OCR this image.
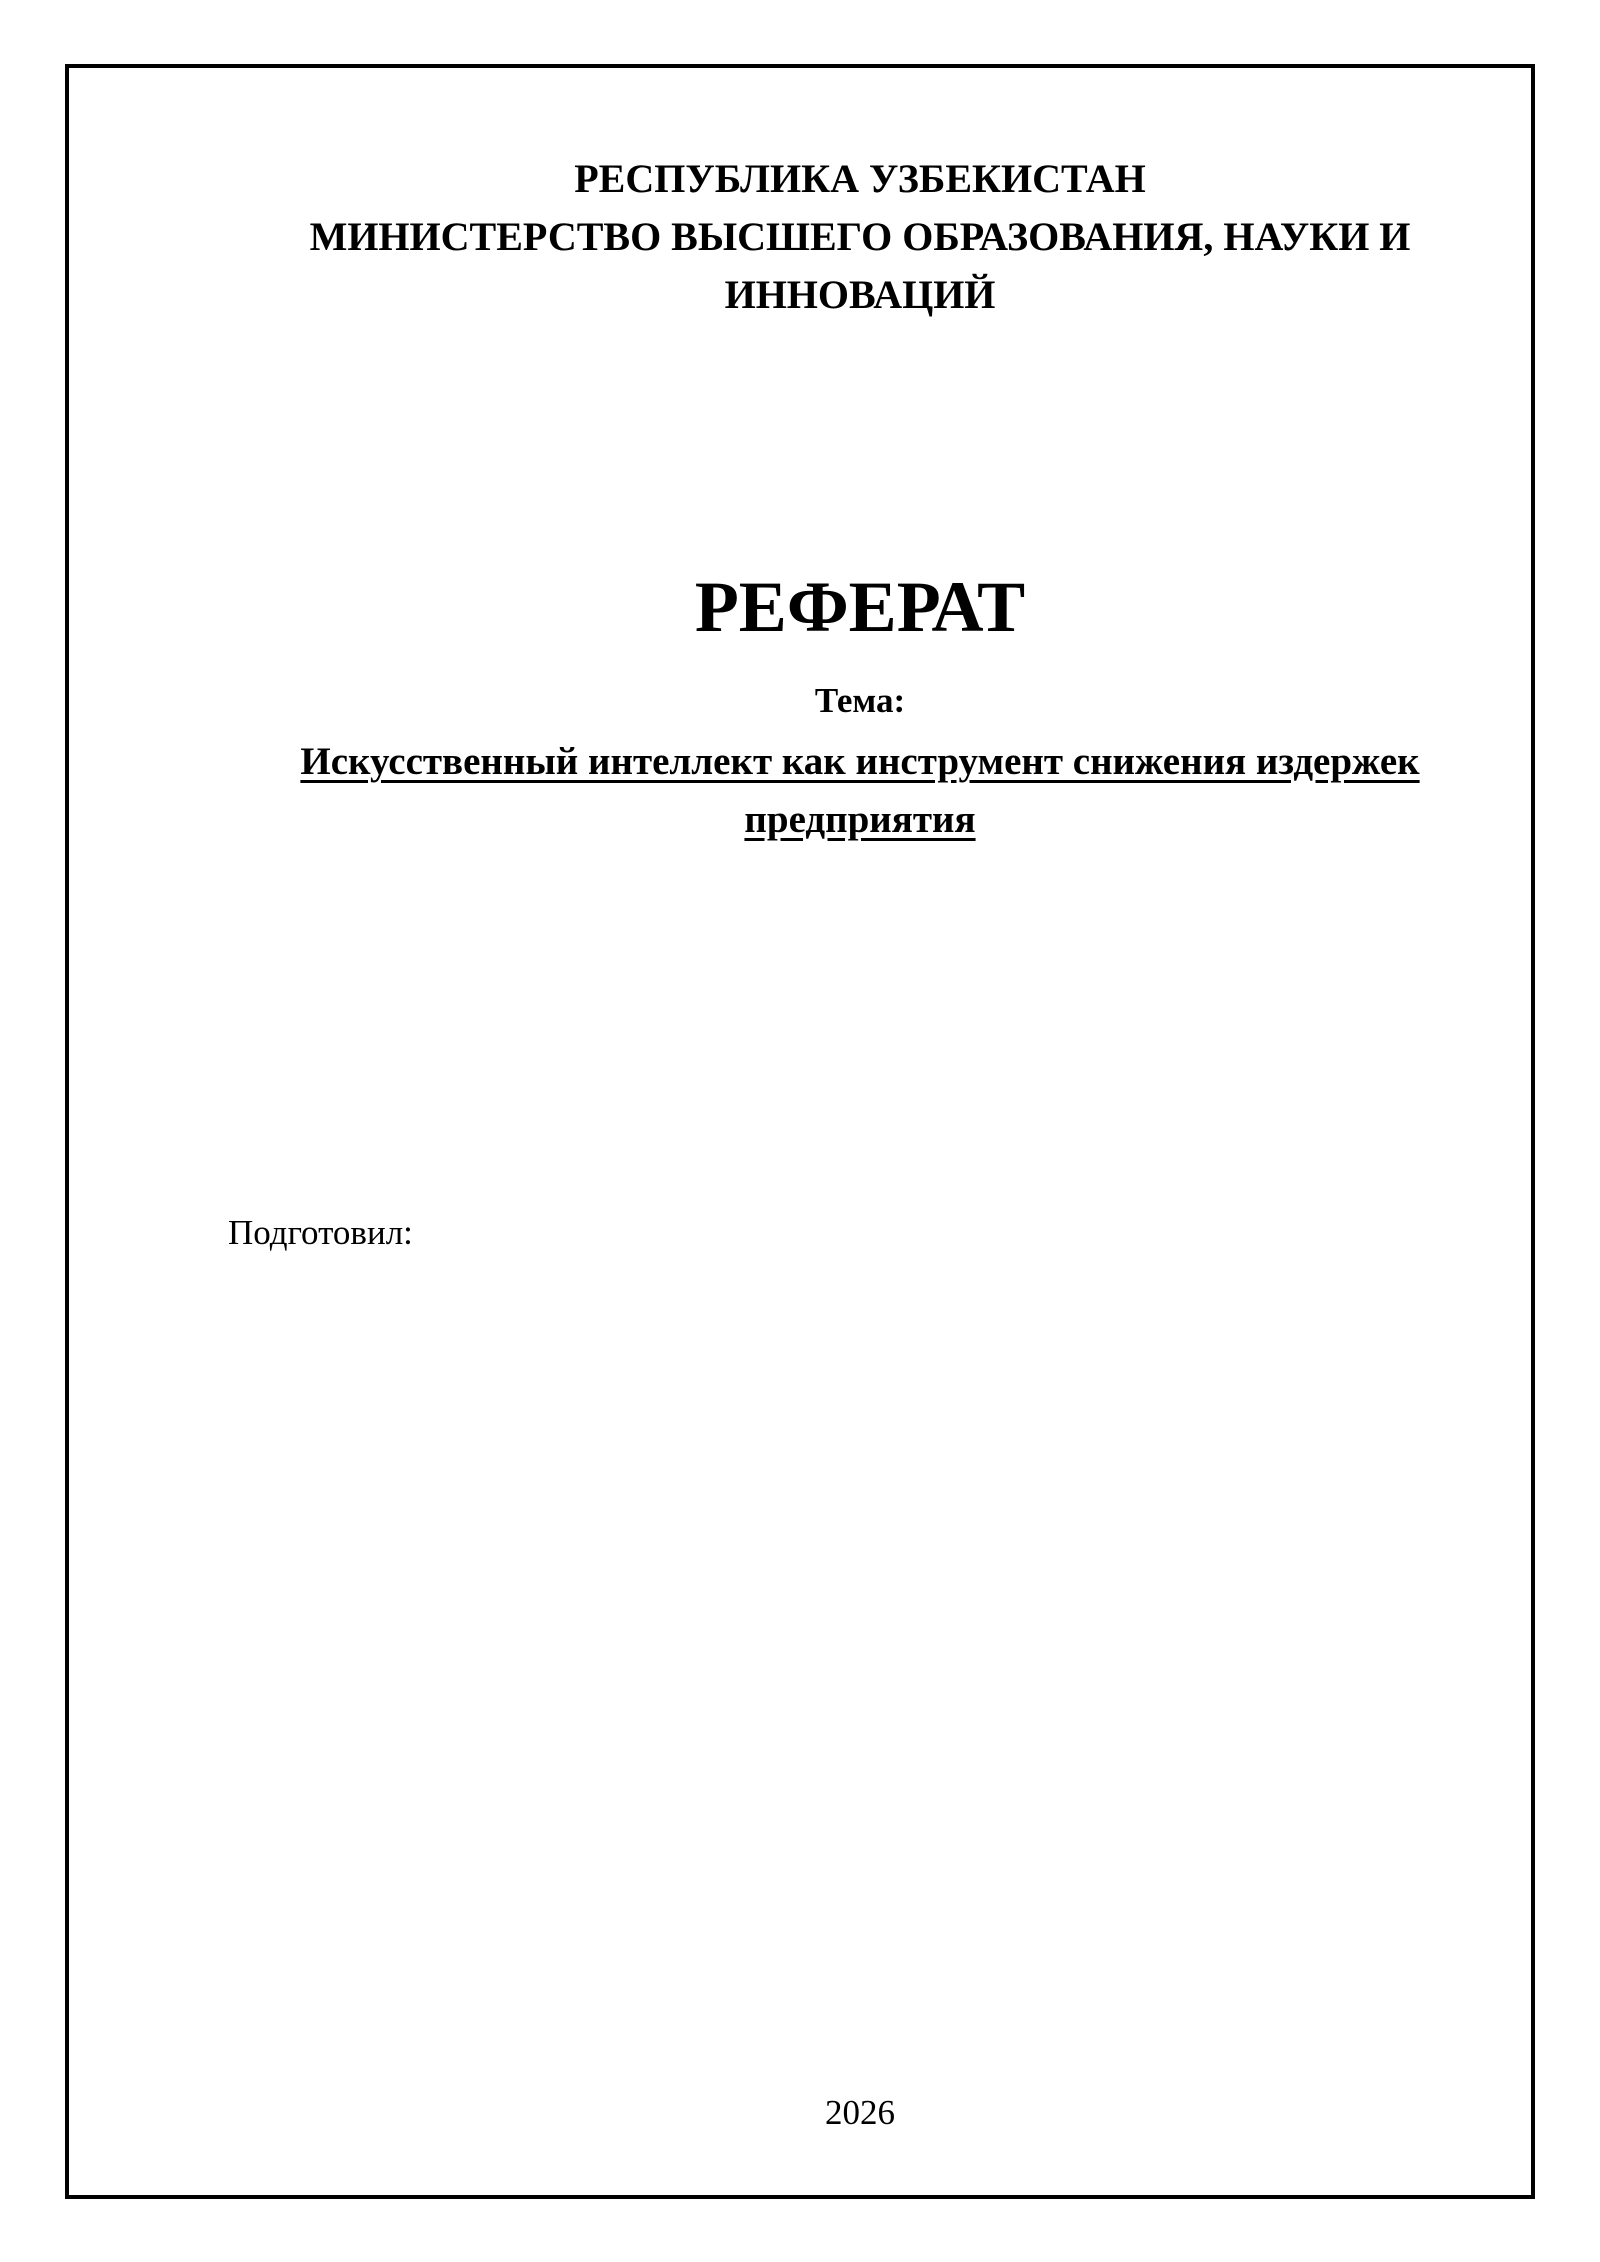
РЕСПУБЛИКА УЗБЕКИСТАН
МИНИСТЕРСТВО ВЫСШЕГО ОБРАЗОВАНИЯ, НАУКИ И ИННОВАЦИЙ
РЕФЕРАТ
Тема:
Искусственный интеллект как инструмент снижения издержек предприятия
Подготовил:
2026
